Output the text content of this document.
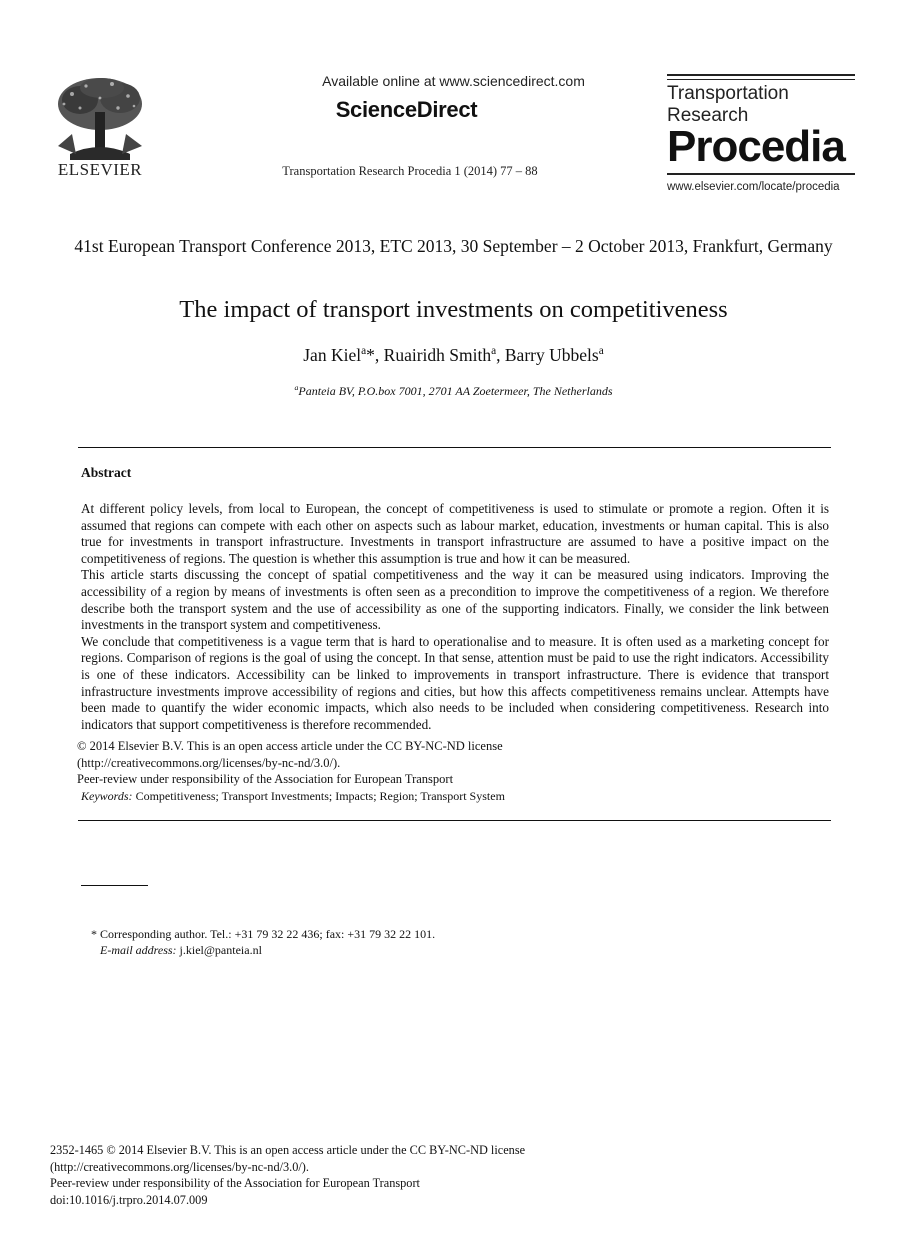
ELSEVIER
Available online at www.sciencedirect.com
ScienceDirect
Transportation Research Procedia 1 (2014) 77 – 88
Transportation
Research
Procedia
www.elsevier.com/locate/procedia
41st European Transport Conference 2013, ETC 2013, 30 September – 2 October 2013, Frankfurt, Germany
The impact of transport investments on competitiveness
Jan Kiel$^a$*, Ruairidh Smith$^a$, Barry Ubbels$^a$
$^a$Panteia BV, P.O.box 7001, 2701 AA Zoetermeer, The Netherlands
Abstract

At different policy levels, from local to European, the concept of competitiveness is used to stimulate or promote a region. Often it is assumed that regions can compete with each other on aspects such as labour market, education, investments or human capital. This is also true for investments in transport infrastructure. Investments in transport infrastructure are assumed to have a positive impact on the competitiveness of regions. The question is whether this assumption is true and how it can be measured.

This article starts discussing the concept of spatial competitiveness and the way it can be measured using indicators. Improving the accessibility of a region by means of investments is often seen as a precondition to improve the competitiveness of a region. We therefore describe both the transport system and the use of accessibility as one of the supporting indicators. Finally, we consider the link between investments in the transport system and competitiveness.

We conclude that competitiveness is a vague term that is hard to operationalise and to measure. It is often used as a marketing concept for regions. Comparison of regions is the goal of using the concept. In that sense, attention must be paid to use the right indicators. Accessibility is one of these indicators. Accessibility can be linked to improvements in transport infrastructure. There is evidence that transport infrastructure investments improve accessibility of regions and cities, but how this affects competitiveness remains unclear. Attempts have been made to quantify the wider economic impacts, which also needs to be included when considering competitiveness. Research into indicators that support competitiveness is therefore recommended.

© 2014 Elsevier B.V. This is an open access article under the CC BY-NC-ND license
(http://creativecommons.org/licenses/by-nc-nd/3.0/).
Peer-review under responsibility of the Association for European Transport
Keywords: Competitiveness; Transport Investments; Impacts; Region; Transport System
* Corresponding author. Tel.: +31 79 32 22 436; fax: +31 79 32 22 101.
E-mail address: j.kiel@panteia.nl
2352-1465 © 2014 Elsevier B.V. This is an open access article under the CC BY-NC-ND license
(http://creativecommons.org/licenses/by-nc-nd/3.0/).
Peer-review under responsibility of the Association for European Transport
doi:10.1016/j.trpro.2014.07.009
